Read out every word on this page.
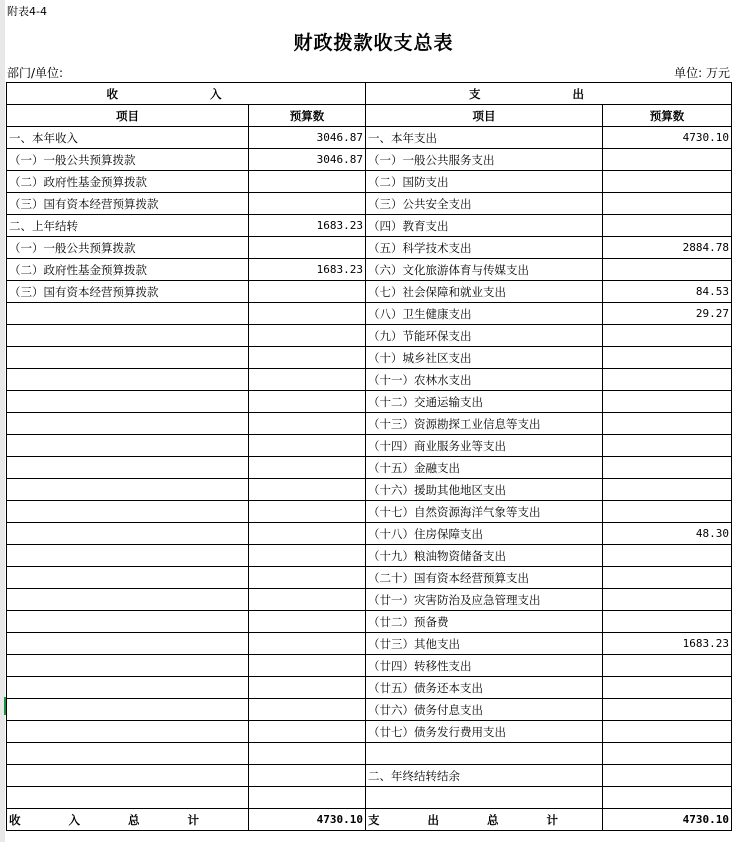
附表4-4
财政拨款收支总表
部门/单位:	单位: 万元
收 入		支 出	
项目	预算数	项目	预算数
一、本年收入	3046.87	一、本年支出	4730.10
（一）一般公共预算拨款	3046.87	（一）一般公共服务支出	
（二）政府性基金预算拨款		（二）国防支出	
（三）国有资本经营预算拨款		（三）公共安全支出	
二、上年结转	1683.23	（四）教育支出	
（一）一般公共预算拨款		（五）科学技术支出	2884.78
（二）政府性基金预算拨款	1683.23	（六）文化旅游体育与传媒支出	
（三）国有资本经营预算拨款		（七）社会保障和就业支出	84.53
		（八）卫生健康支出	29.27
		（九）节能环保支出	
		（十）城乡社区支出	
		（十一）农林水支出	
		（十二）交通运输支出	
		（十三）资源勘探工业信息等支出	
		（十四）商业服务业等支出	
		（十五）金融支出	
		（十六）援助其他地区支出	
		（十七）自然资源海洋气象等支出	
		（十八）住房保障支出	48.30
		（十九）粮油物资储备支出	
		（二十）国有资本经营预算支出	
		（廿一）灾害防治及应急管理支出	
		（廿二）预备费	
		（廿三）其他支出	1683.23
		（廿四）转移性支出	
		（廿五）债务还本支出	
		（廿六）债务付息支出	
		（廿七）债务发行费用支出	

		二、年终结转结余	

收 入 总 计	4730.10	支 出 总 计	4730.10
